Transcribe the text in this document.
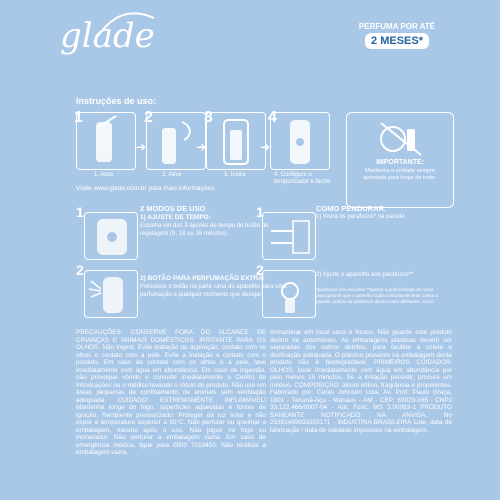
glade	PERFUMA POR ATÉ
2 MESES*
Instruções de uso:
1	2	3	4
➔	➔	➔
1. Abra	2. Ative	3. Insira	4. Configure o temporizador e feche
IMPORTANTE:
Mantenha a unidade sempre apontada para longe do rosto.
Visite www.glade.com.br para mais informações.
1	2 MODOS DE USO
1) AJUSTE DE TEMPO:
Escolha um dos 3 ajustes de tempo de botão de regulagem (9, 18 ou 36 minutos).
2
2) BOTÃO PARA PERFUMAÇÃO EXTRA:
Pressione o botão na parte cima do aparelho para uma perfumação a qualquer momento que desejar.
1	COMO PENDURAR:
1) Insira os parafusos* na parede.
2	2) Ajuste o aparelho aos parafusos**
*parafusos não incluídos **ajustar a profundidade de rosca para garantir que o aparelho caiba confortavelmente contra a parede. Ambos os parafusos devem estar alinhados. 0,8cm
PRECAUÇÕES: CONSERVE FORA DO ALCANCE DE CRIANÇAS E ANIMAIS DOMÉSTICOS. IRRITANTE PARA OS OLHOS. Não ingerir. Evite inalação ou aspiração, contato com os olhos e contato com a pele. Evite a inalação e contato com o produto. Em caso de contato com os olhos e a pele, lave imediatamente com água em abundância. Em caso de ingestão, não provoque vômito e consulte imediatamente o Centro de Intoxicações ou o médico levando o rótulo do produto. Não use em áreas pequenas de confinamento de animais sem ventilação adequada. CUIDADO: EXTREMAMENTE INFLAMÁVEL! Mantenha longe do fogo, superfícies aquecidas e fontes de ignição. Recipiente pressurizado: Proteger da luz solar e não expor à temperatura superior a 50°C. Não perfurar ou queimar a embalagem, mesmo após o uso. Não jogue no fogo ou incinerador. Não perfurar a embalagem vazia. Em caso de emergência médica, ligue para 0800 7010450. Não reutilize a embalagem vazia.
Armazenar em local seco e fresco. Não guarde este produto dentro de automóveis. As embalagens plásticas devem ser separadas dos outros detritos, para facilitar a coleta e destinação adequada. O plástico presente na embalagem deste produto não é biodegradável. PRIMEIROS CUIDADOS: OLHOS: lavar imediatamente com água em abundância por pelo menos 15 minutos. Se a irritação persistir, procure um médico. COMPOSIÇÃO: álcool etílico, fragrância e propelentes. Fabricado por: Ceras Johnson Ltda. Av. Prof. Paulo Graça, 1901 - Tarumã-Açu - Manaus - AM - CEP: 69023-165 - CNPJ 33.122.466/0007-04 - Aut. Func. MS 3.00063-1 PRODUTO SANEANTE NOTIFICADO NA ANVISA, No 25351469933202171 - INDÚSTRIA BRASILEIRA Lote, data de fabricação / data de validade impressos na embalagem.
